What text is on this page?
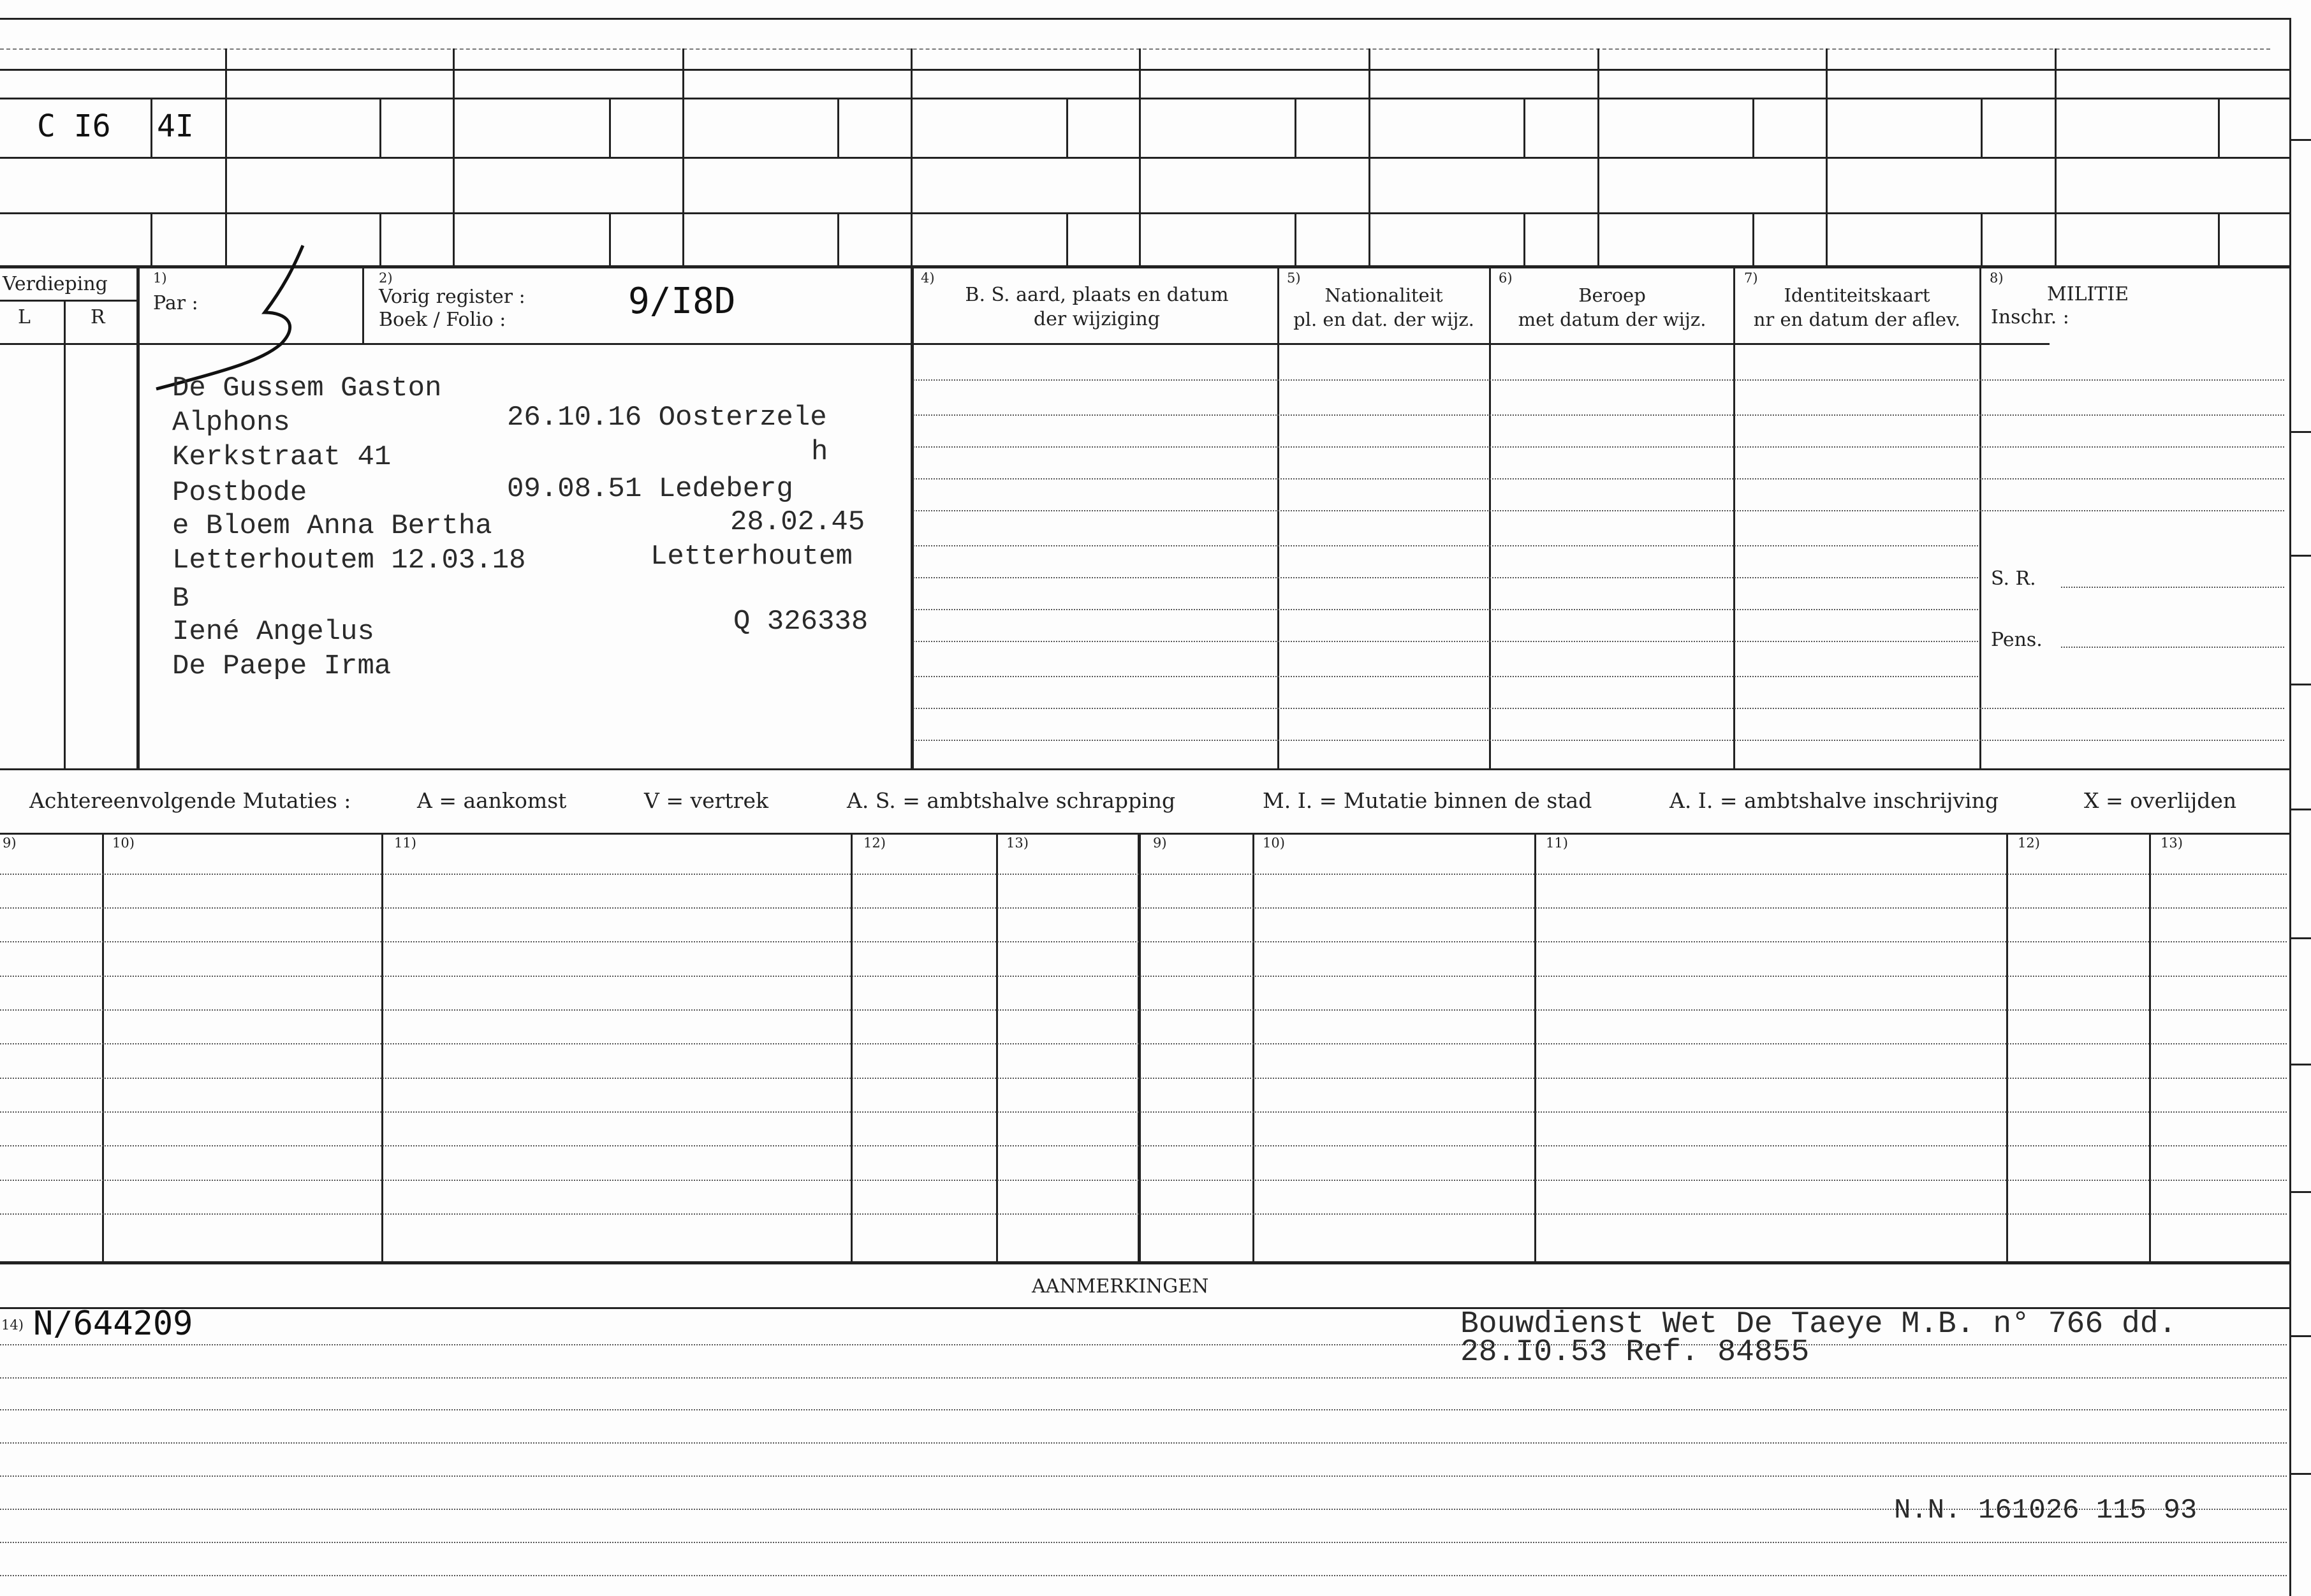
C I6 4I
Verdieping
L	R
1)
Par :
2)
Vorig register :
Boek / Folio :	9/I8D
4)
B. S. aard, plaats en datum
der wijziging
5)
Nationaliteit
pl. en dat. der wijz.
6)
Beroep
met datum der wijz.
7)
Identiteitskaart
nr en datum der aflev.
8)
MILITIE
Inschr. :
S. R.
Pens.
De Gussem Gaston
Alphons	26.10.16 Oosterzele
h
Kerkstraat 41
Postbode	09.08.51 Ledeberg
e Bloem Anna Bertha	28.02.45
Letterhoutem 12.03.18	Letterhoutem
B
Iené Angelus	Q 326338
De Paepe Irma
Achtereenvolgende Mutaties :	A = aankomst	V = vertrek	A. S. = ambtshalve schrapping	M. I. = Mutatie binnen de stad	A. I. = ambtshalve inschrijving	X = overlijden
9)	10)	11)	12)	13)	9)	10)	11)	12)	13)
AANMERKINGEN
14) N/644209	Bouwdienst Wet De Taeye M.B. n° 766 dd.
28.I0.53 Ref. 84855
N.N. 161026 115 93
